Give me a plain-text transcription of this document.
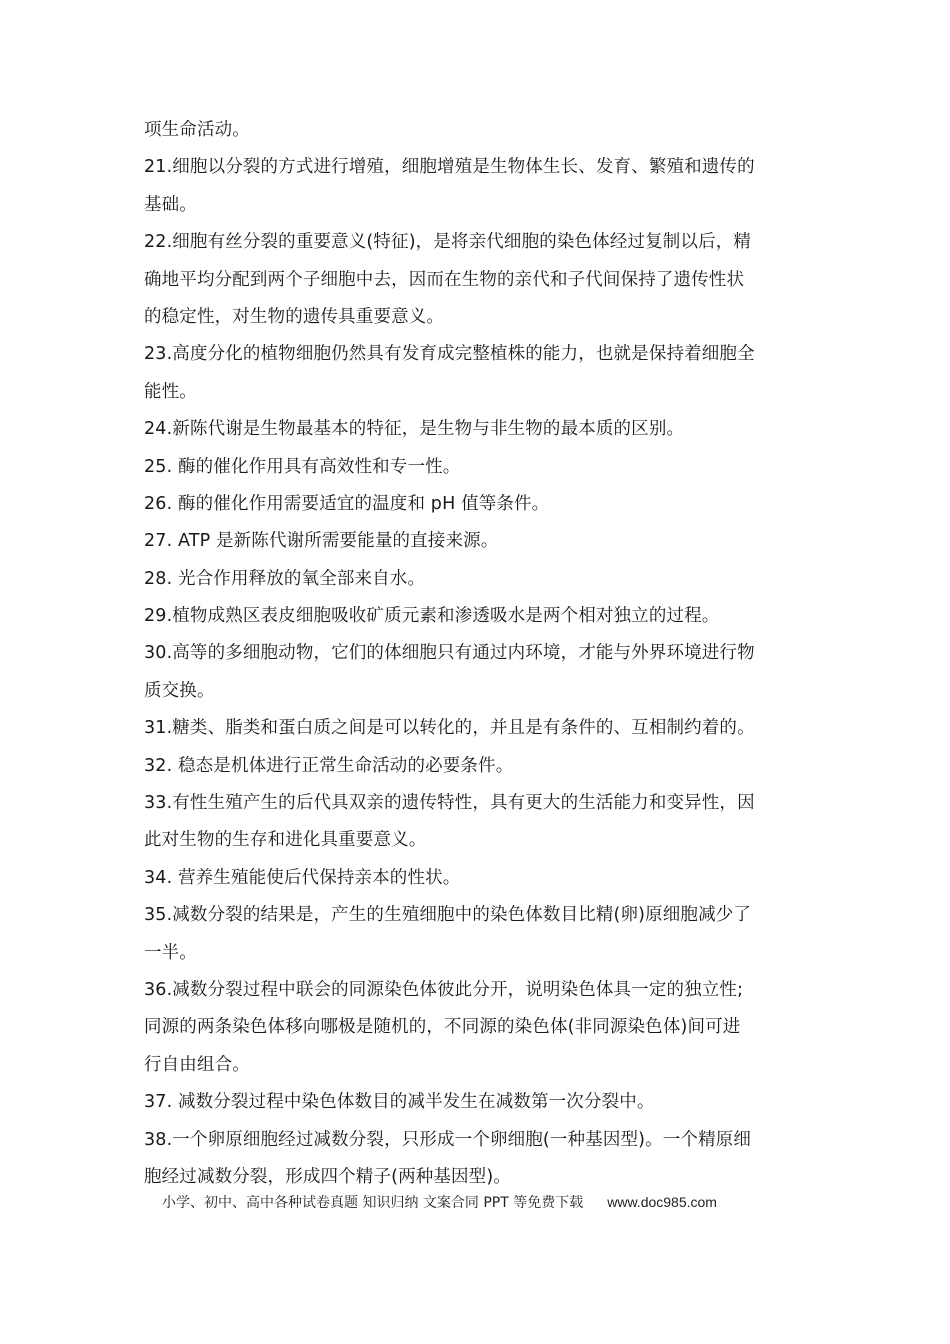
项生命活动。
21.细胞以分裂的方式进行增殖，细胞增殖是生物体生长、发育、繁殖和遗传的
基础。
22.细胞有丝分裂的重要意义(特征)，是将亲代细胞的染色体经过复制以后，精
确地平均分配到两个子细胞中去，因而在生物的亲代和子代间保持了遗传性状
的稳定性，对生物的遗传具重要意义。
23.高度分化的植物细胞仍然具有发育成完整植株的能力，也就是保持着细胞全
能性。
24.新陈代谢是生物最基本的特征，是生物与非生物的最本质的区别。
25. 酶的催化作用具有高效性和专一性。
26. 酶的催化作用需要适宜的温度和 pH 值等条件。
27. ATP 是新陈代谢所需要能量的直接来源。
28. 光合作用释放的氧全部来自水。
29.植物成熟区表皮细胞吸收矿质元素和渗透吸水是两个相对独立的过程。
30.高等的多细胞动物，它们的体细胞只有通过内环境，才能与外界环境进行物
质交换。
31.糖类、脂类和蛋白质之间是可以转化的，并且是有条件的、互相制约着的。
32. 稳态是机体进行正常生命活动的必要条件。
33.有性生殖产生的后代具双亲的遗传特性，具有更大的生活能力和变异性，因
此对生物的生存和进化具重要意义。
34. 营养生殖能使后代保持亲本的性状。
35.减数分裂的结果是，产生的生殖细胞中的染色体数目比精(卵)原细胞减少了
一半。
36.减数分裂过程中联会的同源染色体彼此分开，说明染色体具一定的独立性;
同源的两条染色体移向哪极是随机的，不同源的染色体(非同源染色体)间可进
行自由组合。
37. 减数分裂过程中染色体数目的减半发生在减数第一次分裂中。
38.一个卵原细胞经过减数分裂，只形成一个卵细胞(一种基因型)。一个精原细
胞经过减数分裂，形成四个精子(两种基因型)。
小学、初中、高中各种试卷真题 知识归纳 文案合同 PPT 等免费下载 www.doc985.com
